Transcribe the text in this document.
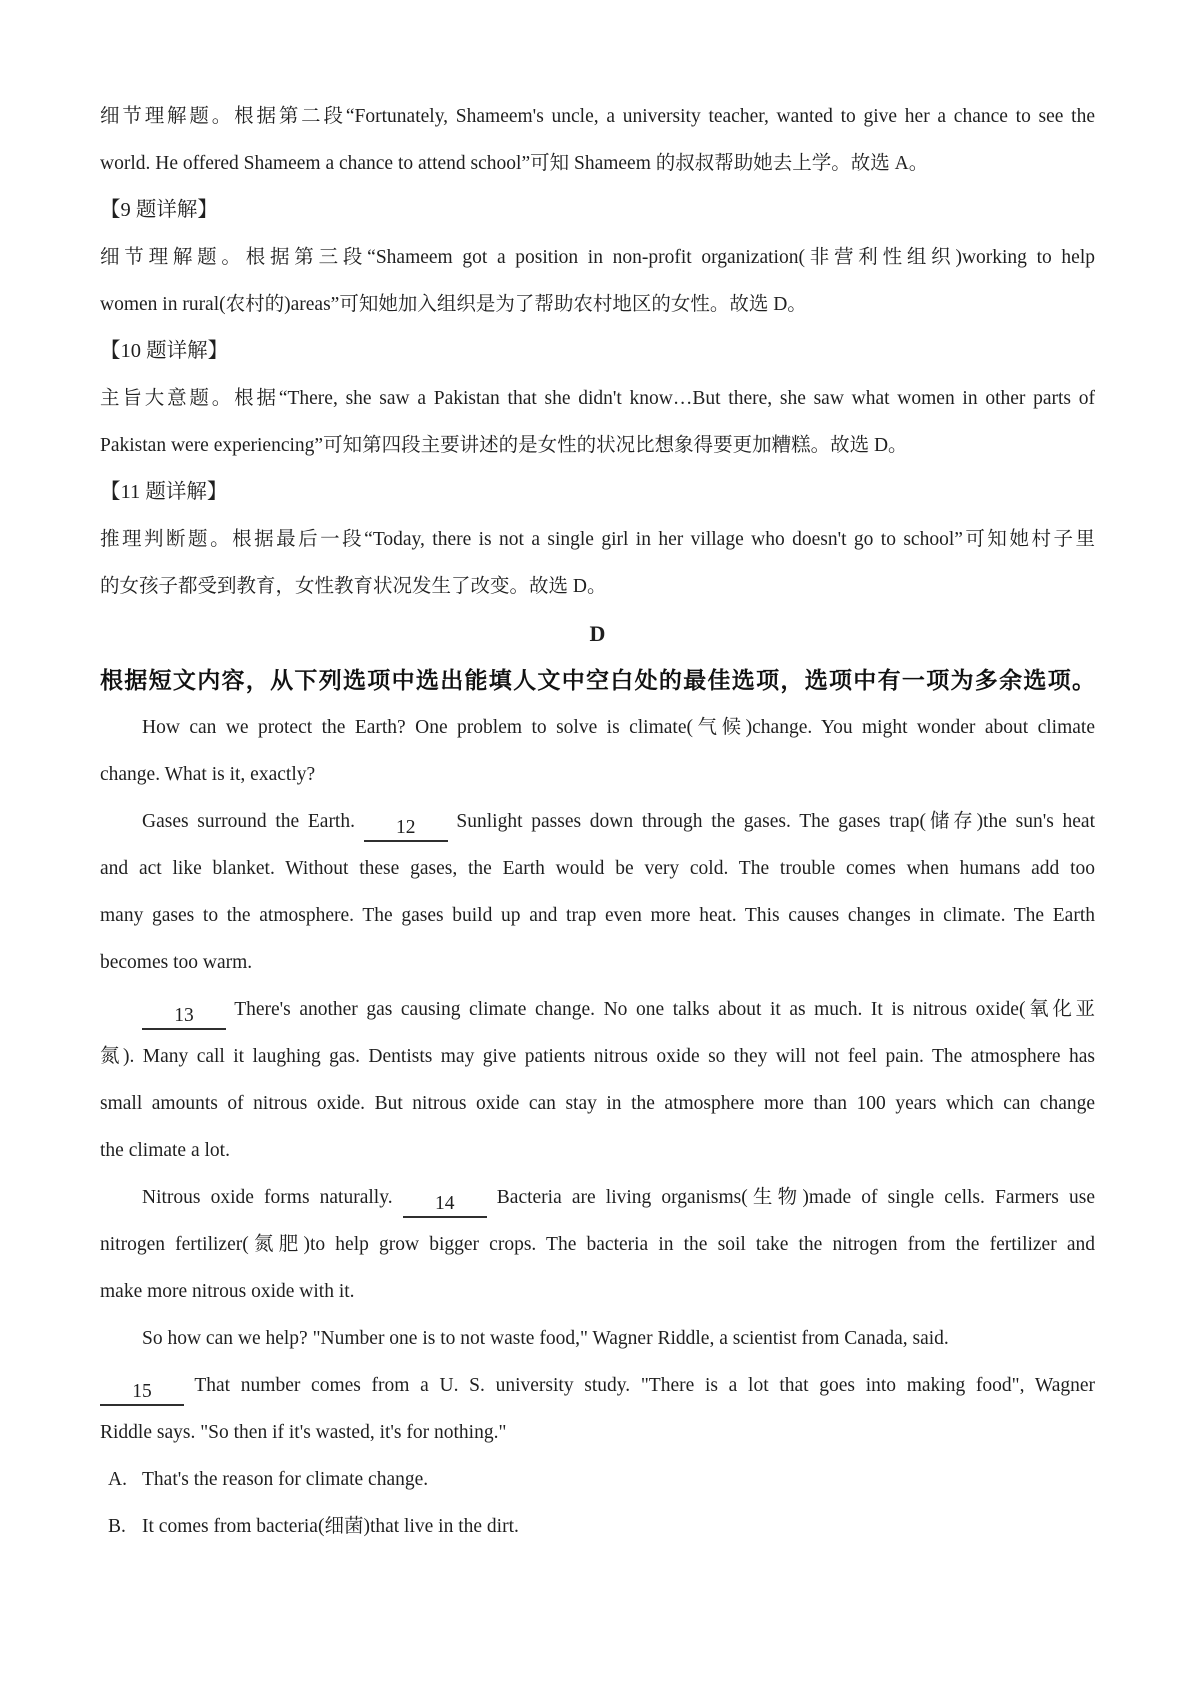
细节理解题。根据第二段“Fortunately, Shameem's uncle, a university teacher, wanted to give her a chance to see the
world. He offered Shameem a chance to attend school”可知 Shameem 的叔叔帮助她去上学。故选 A。
【9 题详解】
细节理解题。根据第三段“Shameem got a position in non-profit organization(非营利性组织)working to help
women in rural(农村的)areas”可知她加入组织是为了帮助农村地区的女性。故选 D。
【10 题详解】
主旨大意题。根据“There, she saw a Pakistan that she didn't know…But there, she saw what women in other parts of
Pakistan were experiencing”可知第四段主要讲述的是女性的状况比想象得要更加糟糕。故选 D。
【11 题详解】
推理判断题。根据最后一段“Today, there is not a single girl in her village who doesn't go to school”可知她村子里
的女孩子都受到教育，女性教育状况发生了改变。故选 D。
D
根据短文内容，从下列选项中选出能填人文中空白处的最佳选项，选项中有一项为多余选项。
How can we protect the Earth? One problem to solve is climate(气候)change. You might wonder about climate
change. What is it, exactly?
Gases surround the Earth. 12 Sunlight passes down through the gases. The gases trap(储存)the sun's heat
and act like blanket. Without these gases, the Earth would be very cold. The trouble comes when humans add too
many gases to the atmosphere. The gases build up and trap even more heat. This causes changes in climate. The Earth
becomes too warm.
13 There's another gas causing climate change. No one talks about it as much. It is nitrous oxide(氧化亚
氮). Many call it laughing gas. Dentists may give patients nitrous oxide so they will not feel pain. The atmosphere has
small amounts of nitrous oxide. But nitrous oxide can stay in the atmosphere more than 100 years which can change
the climate a lot.
Nitrous oxide forms naturally. 14 Bacteria are living organisms(生物)made of single cells. Farmers use
nitrogen fertilizer(氮肥)to help grow bigger crops. The bacteria in the soil take the nitrogen from the fertilizer and
make more nitrous oxide with it.
So how can we help? "Number one is to not waste food," Wagner Riddle, a scientist from Canada, said.
15 That number comes from a U. S. university study. "There is a lot that goes into making food", Wagner
Riddle says. "So then if it's wasted, it's for nothing."
A. That's the reason for climate change.
B. It comes from bacteria(细菌)that live in the dirt.
